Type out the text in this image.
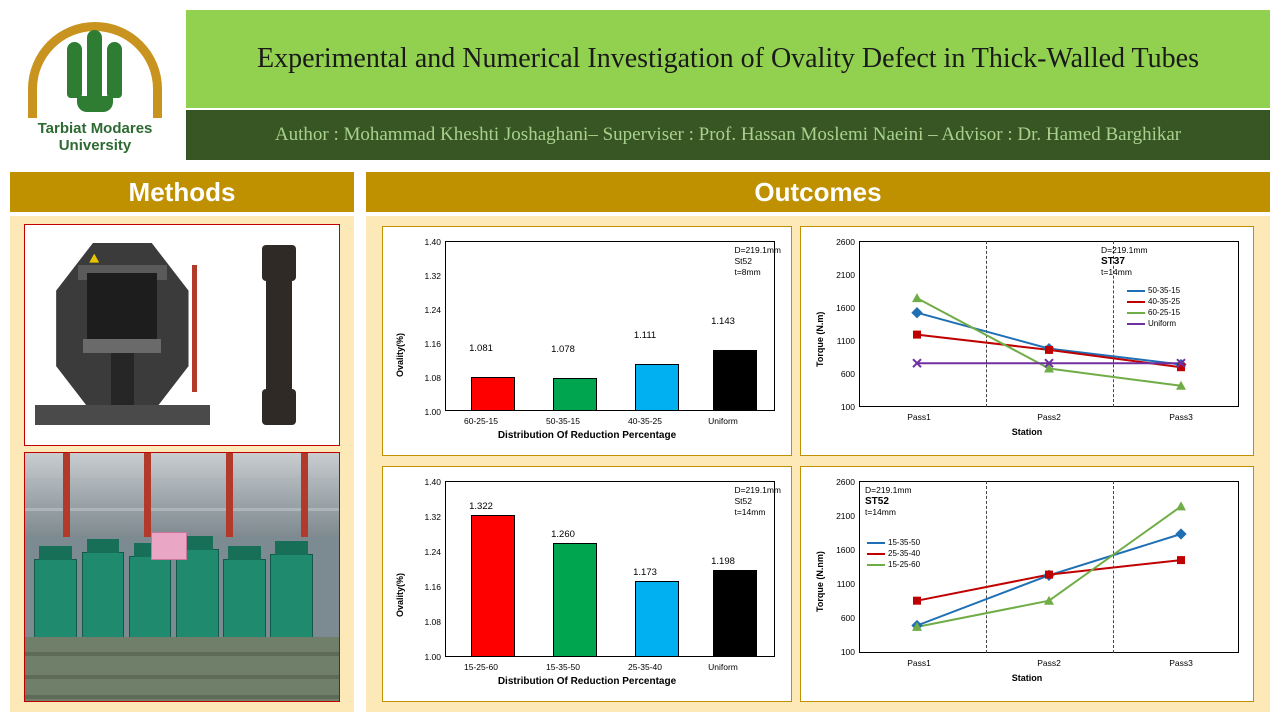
Tarbiat Modares
University
Experimental and Numerical Investigation of Ovality Defect in Thick-Walled Tubes
Author : Mohammad Kheshti Joshaghani– Superviser : Prof. Hassan Moslemi Naeini – Advisor : Dr. Hamed Barghikar
Methods	Outcomes
Ovality(%)
1.40
1.32
1.24
1.16
1.08
1.00
D=219.1mm
St52
t=8mm
1.081	1.078
1.111
1.143
60-25-15	50-35-15	40-35-25	Uniform
Distribution Of Reduction Percentage
Ovality(%)
1.40
1.32
1.24
1.16
1.08
1.00
D=219.1mm
St52
t=14mm
1.322
1.260
1.173
1.198
15-25-60	15-35-50	25-35-40	Uniform
Distribution Of Reduction Percentage
Torque (N.m)
2600
2100
1600
1100
600
100
D=219.1mm
ST37
t=14mm
50-35-15
40-35-25
60-25-15
Uniform
Pass1	Pass2	Pass3
Station
Torque (N.nm)
2600
2100
1600
1100
600
100
D=219.1mm
ST52
t=14mm
15-35-50
25-35-40
15-25-60
Pass1	Pass2	Pass3
Station
